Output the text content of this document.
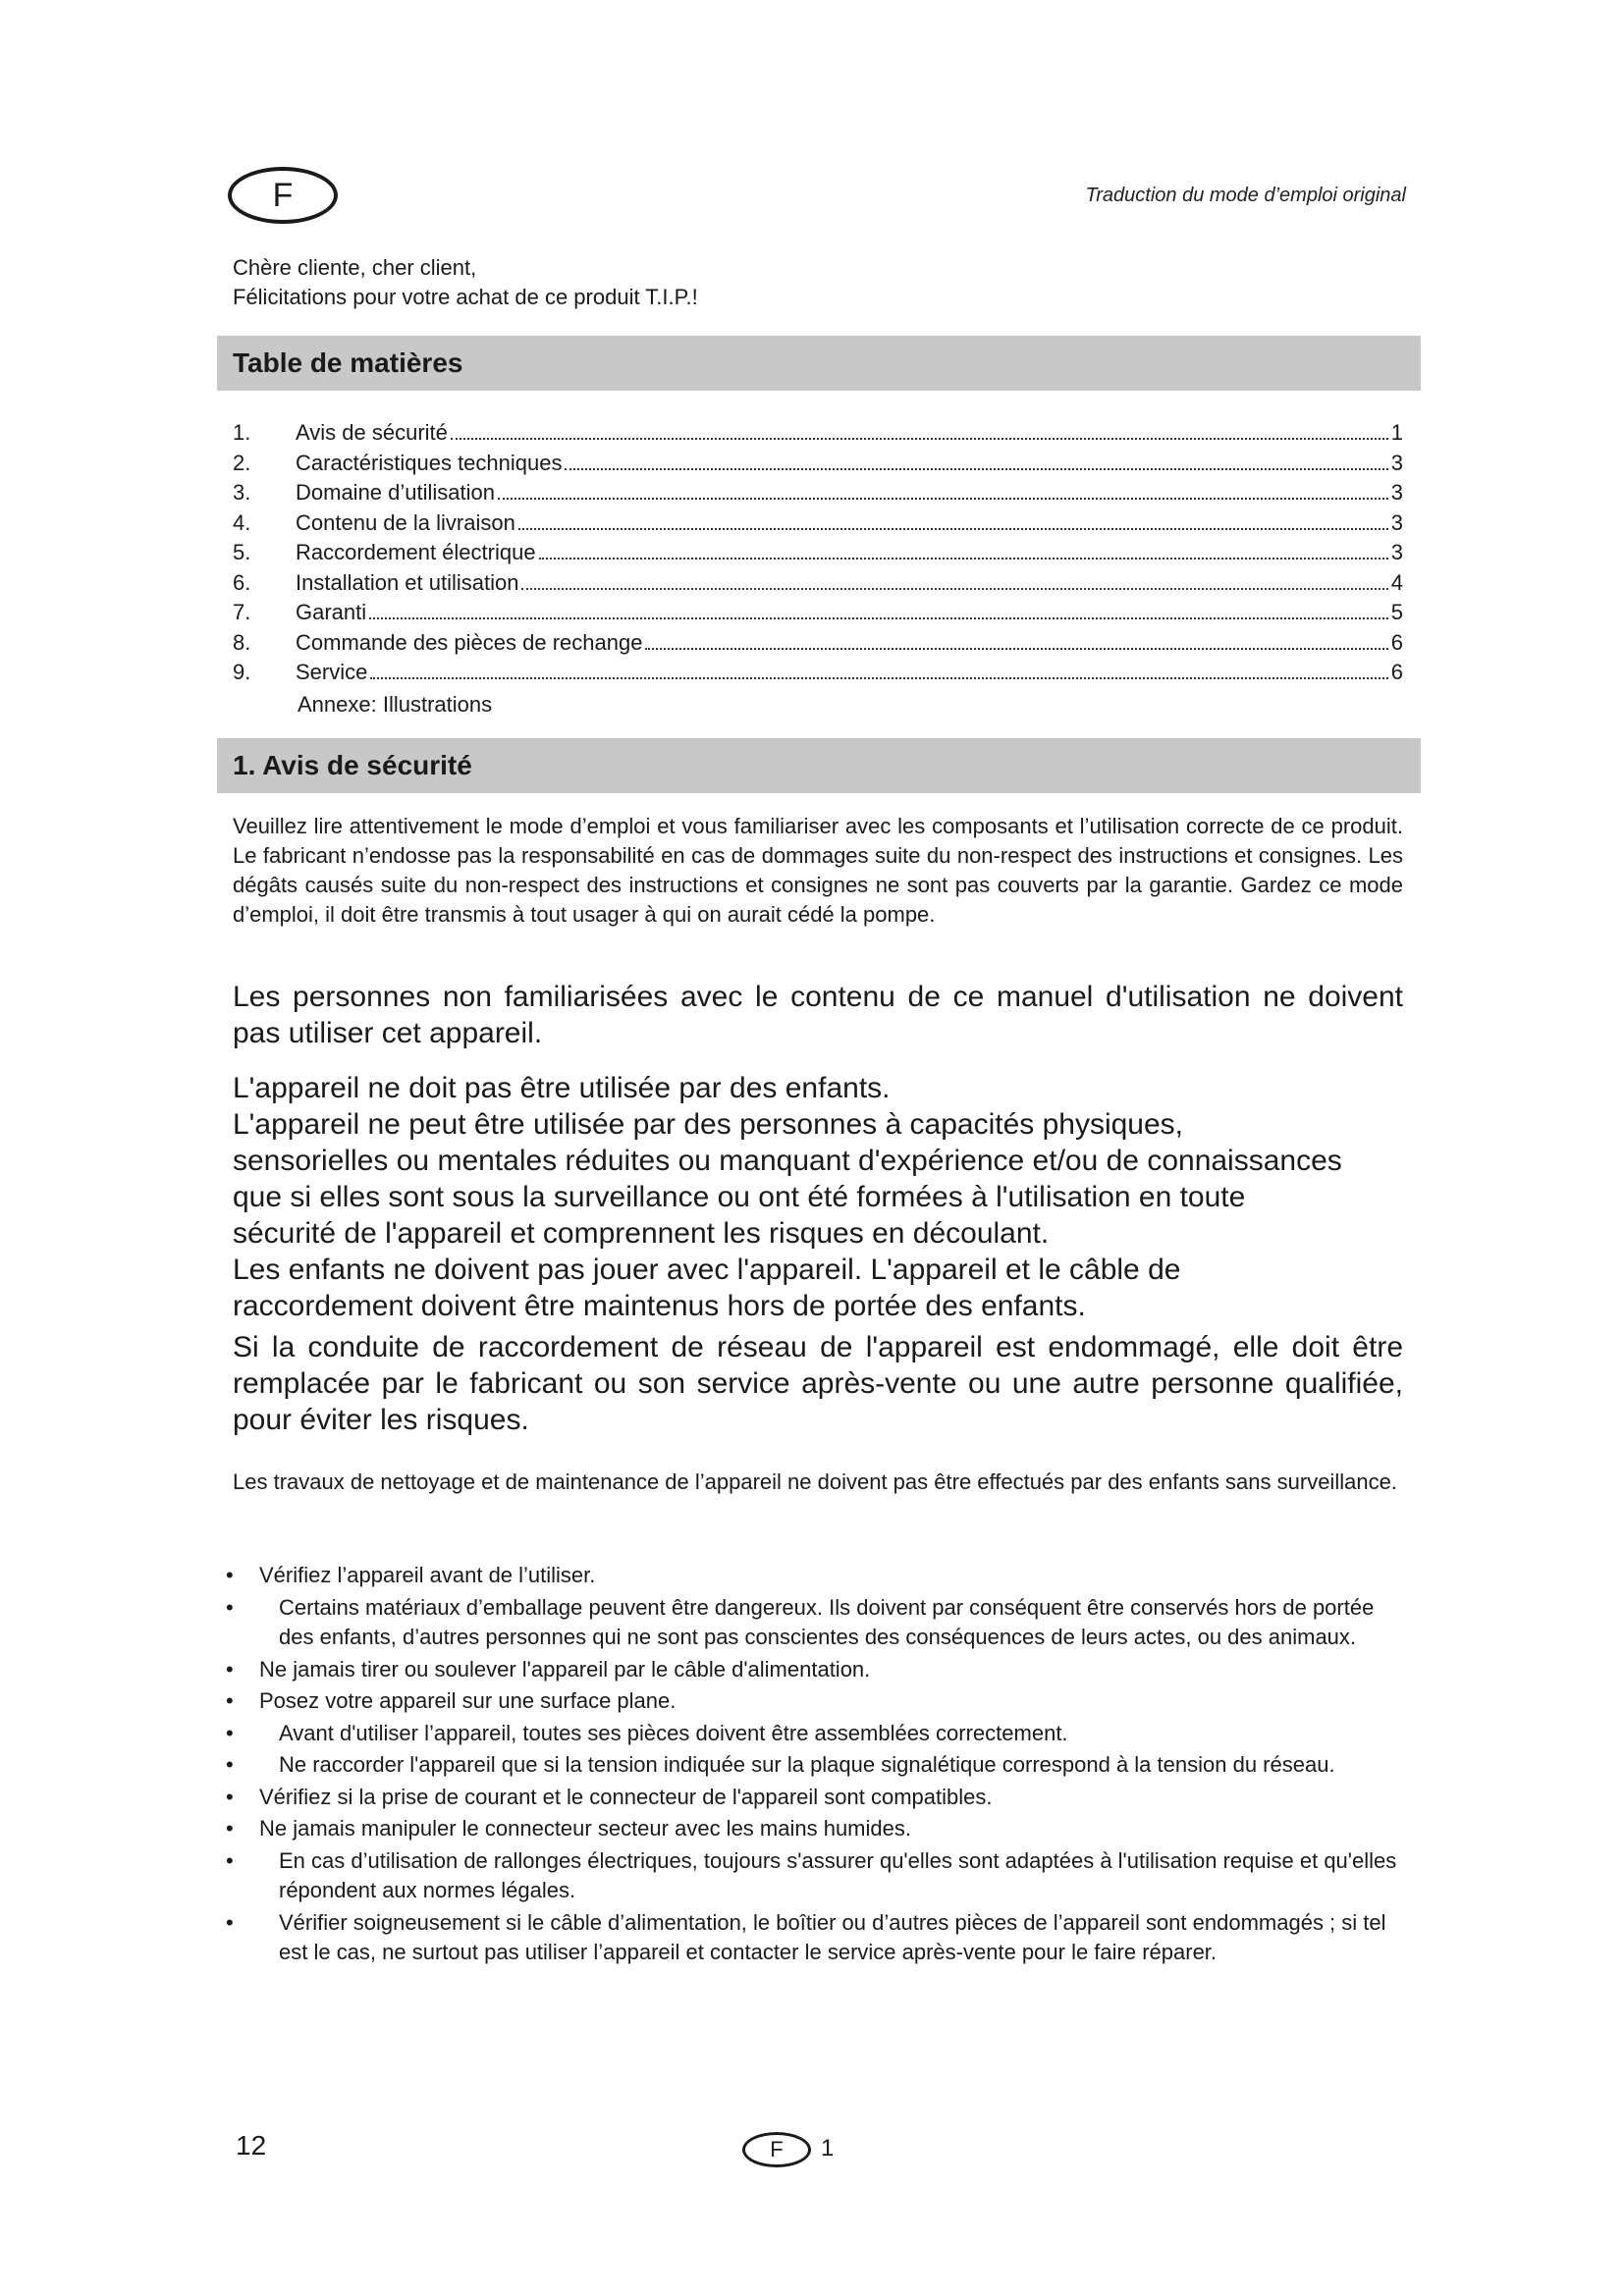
F	Traduction du mode d’emploi original
Chère cliente, cher client,
Félicitations pour votre achat de ce produit T.I.P.!
Table de matières
1.	Avis de sécurité	1
2.	Caractéristiques techniques	3
3.	Domaine d’utilisation	3
4.	Contenu de la livraison	3
5.	Raccordement électrique	3
6.	Installation et utilisation	4
7.	Garanti	5
8.	Commande des pièces de rechange	6
9.	Service	6
Annexe: Illustrations
1. Avis de sécurité
Veuillez lire attentivement le mode d’emploi et vous familiariser avec les composants et l’utilisation correcte de ce produit. Le fabricant n’endosse pas la responsabilité en cas de dommages suite du non-respect des instructions et consignes. Les dégâts causés suite du non-respect des instructions et consignes ne sont pas couverts par la garantie. Gardez ce mode d’emploi, il doit être transmis à tout usager à qui on aurait cédé la pompe.
Les personnes non familiarisées avec le contenu de ce manuel d'utilisation ne doivent pas utiliser cet appareil.
L'appareil ne doit pas être utilisée par des enfants.
L'appareil ne peut être utilisée par des personnes à capacités physiques,
sensorielles ou mentales réduites ou manquant d'expérience et/ou de connaissances
que si elles sont sous la surveillance ou ont été formées à l'utilisation en toute
sécurité de l'appareil et comprennent les risques en découlant.
Les enfants ne doivent pas jouer avec l'appareil. L'appareil et le câble de
raccordement doivent être maintenus hors de portée des enfants.
Si la conduite de raccordement de réseau de l'appareil est endommagé, elle doit être remplacée par le fabricant ou son service après-vente ou une autre personne qualifiée, pour éviter les risques.
Les travaux de nettoyage et de maintenance de l’appareil ne doivent pas être effectués par des enfants sans surveillance.
•	Vérifiez l’appareil avant de l’utiliser.
•	Certains matériaux d’emballage peuvent être dangereux. Ils doivent par conséquent être conservés hors de portée des enfants, d’autres personnes qui ne sont pas conscientes des conséquences de leurs actes, ou des animaux.
•	Ne jamais tirer ou soulever l'appareil par le câble d'alimentation.
•	Posez votre appareil sur une surface plane.
•	Avant d'utiliser l’appareil, toutes ses pièces doivent être assemblées correctement.
•	Ne raccorder l'appareil que si la tension indiquée sur la plaque signalétique correspond à la tension du réseau.
•	Vérifiez si la prise de courant et le connecteur de l'appareil sont compatibles.
•	Ne jamais manipuler le connecteur secteur avec les mains humides.
•	En cas d’utilisation de rallonges électriques, toujours s'assurer qu'elles sont adaptées à l'utilisation requise et qu'elles répondent aux normes légales.
•	Vérifier soigneusement si le câble d’alimentation, le boîtier ou d’autres pièces de l’appareil sont endommagés ; si tel est le cas, ne surtout pas utiliser l’appareil et contacter le service après-vente pour le faire réparer.
12	F 1
